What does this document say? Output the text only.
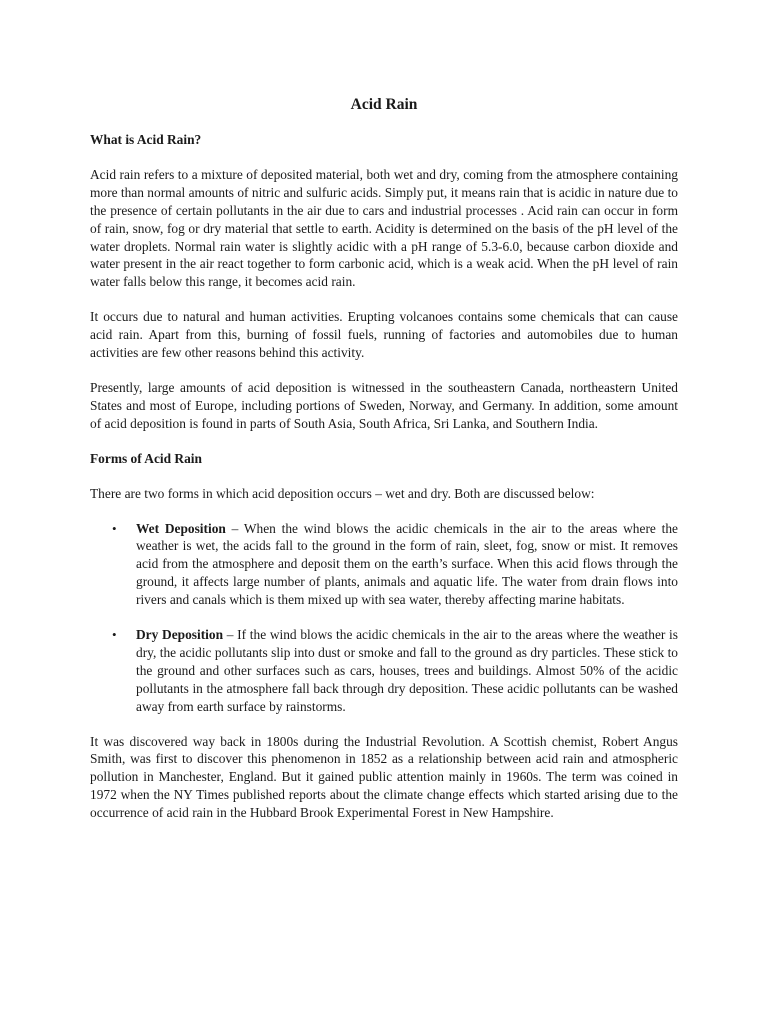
Acid Rain
What is Acid Rain?

Acid rain refers to a mixture of deposited material, both wet and dry, coming from the atmosphere containing more than normal amounts of nitric and sulfuric acids. Simply put, it means rain that is acidic in nature due to the presence of certain pollutants in the air due to cars and industrial processes . Acid rain can occur in form of rain, snow, fog or dry material that settle to earth. Acidity is determined on the basis of the pH level of the water droplets. Normal rain water is slightly acidic with a pH range of 5.3-6.0, because carbon dioxide and water present in the air react together to form carbonic acid, which is a weak acid. When the pH level of rain water falls below this range, it becomes acid rain.

It occurs due to natural and human activities. Erupting volcanoes contains some chemicals that can cause acid rain. Apart from this, burning of fossil fuels, running of factories and automobiles due to human activities are few other reasons behind this activity.

Presently, large amounts of acid deposition is witnessed in the southeastern Canada, northeastern United States and most of Europe, including portions of Sweden, Norway, and Germany. In addition, some amount of acid deposition is found in parts of South Asia, South Africa, Sri Lanka, and Southern India.

Forms of Acid Rain

There are two forms in which acid deposition occurs – wet and dry. Both are discussed below:

• Wet Deposition – When the wind blows the acidic chemicals in the air to the areas where the weather is wet, the acids fall to the ground in the form of rain, sleet, fog, snow or mist. It removes acid from the atmosphere and deposit them on the earth’s surface. When this acid flows through the ground, it affects large number of plants, animals and aquatic life. The water from drain flows into rivers and canals which is them mixed up with sea water, thereby affecting marine habitats.
• Dry Deposition – If the wind blows the acidic chemicals in the air to the areas where the weather is dry, the acidic pollutants slip into dust or smoke and fall to the ground as dry particles. These stick to the ground and other surfaces such as cars, houses, trees and buildings. Almost 50% of the acidic pollutants in the atmosphere fall back through dry deposition. These acidic pollutants can be washed away from earth surface by rainstorms.

It was discovered way back in 1800s during the Industrial Revolution. A Scottish chemist, Robert Angus Smith, was first to discover this phenomenon in 1852 as a relationship between acid rain and atmospheric pollution in Manchester, England. But it gained public attention mainly in 1960s. The term was coined in 1972 when the NY Times published reports about the climate change effects which started arising due to the occurrence of acid rain in the Hubbard Brook Experimental Forest in New Hampshire.
